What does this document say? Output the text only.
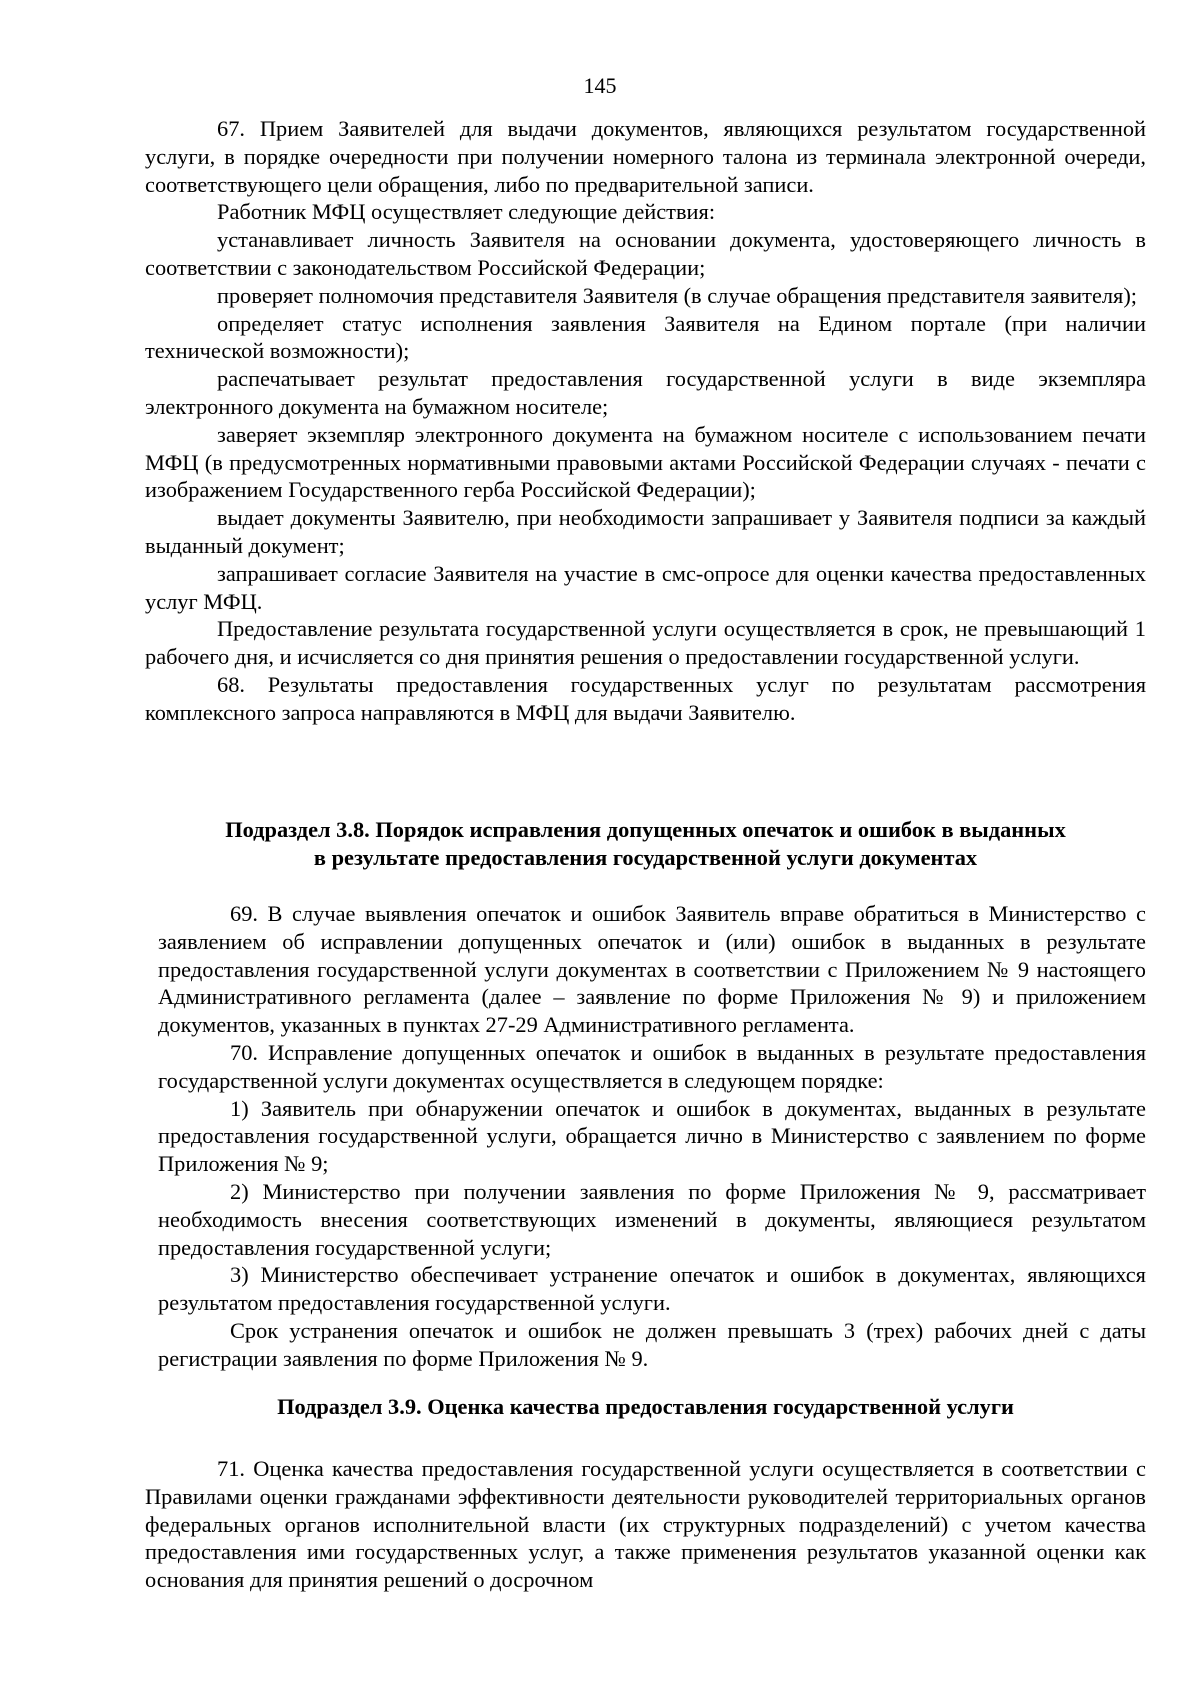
145

67. Прием Заявителей для выдачи документов, являющихся результатом государственной услуги, в порядке очередности при получении номерного талона из терминала электронной очереди, соответствующего цели обращения, либо по предварительной записи.

Работник МФЦ осуществляет следующие действия:

устанавливает личность Заявителя на основании документа, удостоверяющего личность в соответствии с законодательством Российской Федерации;

проверяет полномочия представителя Заявителя (в случае обращения представителя заявителя);

определяет статус исполнения заявления Заявителя на Едином портале (при наличии технической возможности);

распечатывает результат предоставления государственной услуги в виде экземпляра электронного документа на бумажном носителе;

заверяет экземпляр электронного документа на бумажном носителе с использованием печати МФЦ (в предусмотренных нормативными правовыми актами Российской Федерации случаях - печати с изображением Государственного герба Российской Федерации);

выдает документы Заявителю, при необходимости запрашивает у Заявителя подписи за каждый выданный документ;

запрашивает согласие Заявителя на участие в смс-опросе для оценки качества предоставленных услуг МФЦ.

Предоставление результата государственной услуги осуществляется в срок, не превышающий 1 рабочего дня, и исчисляется со дня принятия решения о предоставлении государственной услуги.

68. Результаты предоставления государственных услуг по результатам рассмотрения комплексного запроса направляются в МФЦ для выдачи Заявителю.

Подраздел 3.8. Порядок исправления допущенных опечаток и ошибок в выданных
в результате предоставления государственной услуги документах

69. В случае выявления опечаток и ошибок Заявитель вправе обратиться в Министерство с заявлением об исправлении допущенных опечаток и (или) ошибок в выданных в результате предоставления государственной услуги документах в соответствии с Приложением № 9 настоящего Административного регламента (далее – заявление по форме Приложения № 9) и приложением документов, указанных в пунктах 27-29 Административного регламента.

70. Исправление допущенных опечаток и ошибок в выданных в результате предоставления государственной услуги документах осуществляется в следующем порядке:

1) Заявитель при обнаружении опечаток и ошибок в документах, выданных в результате предоставления государственной услуги, обращается лично в Министерство с заявлением по форме Приложения № 9;

2) Министерство при получении заявления по форме Приложения № 9, рассматривает необходимость внесения соответствующих изменений в документы, являющиеся результатом предоставления государственной услуги;

3) Министерство обеспечивает устранение опечаток и ошибок в документах, являющихся результатом предоставления государственной услуги.

Срок устранения опечаток и ошибок не должен превышать 3 (трех) рабочих дней с даты регистрации заявления по форме Приложения № 9.

Подраздел 3.9. Оценка качества предоставления государственной услуги

71. Оценка качества предоставления государственной услуги осуществляется в соответствии с Правилами оценки гражданами эффективности деятельности руководителей территориальных органов федеральных органов исполнительной власти (их структурных подразделений) с учетом качества предоставления ими государственных услуг, а также применения результатов указанной оценки как основания для принятия решений о досрочном
